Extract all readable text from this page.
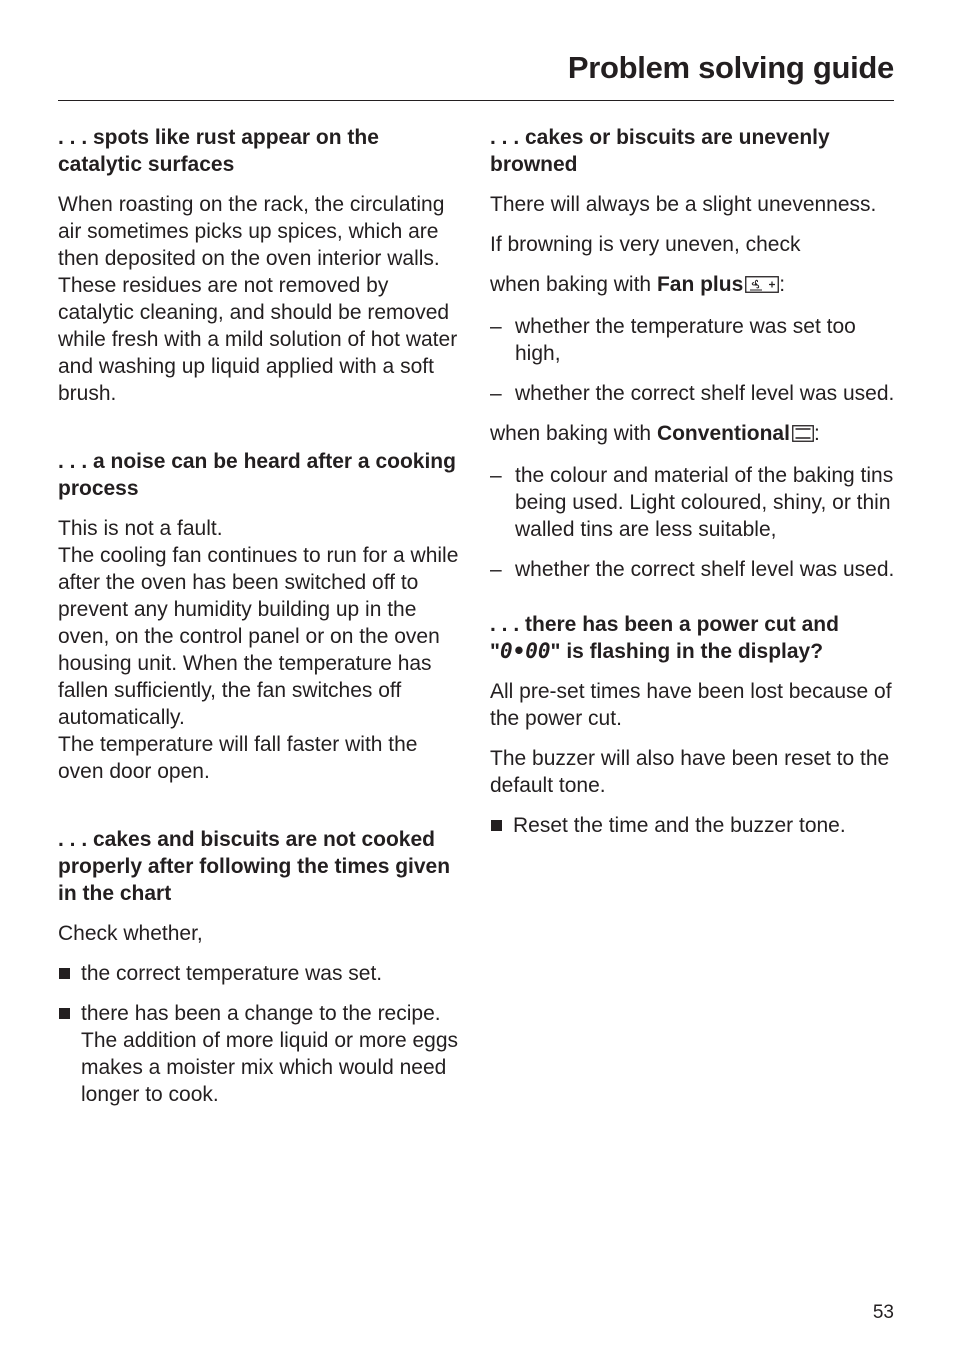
Problem solving guide
. . . spots like rust appear on the catalytic surfaces

When roasting on the rack, the circulating air sometimes picks up spices, which are then deposited on the oven interior walls. These residues are not removed by catalytic cleaning, and should be removed while fresh with a mild solution of hot water and washing up liquid applied with a soft brush.

. . . a noise can be heard after a cooking process

This is not a fault.
The cooling fan continues to run for a while after the oven has been switched off to prevent any humidity building up in the oven, on the control panel or on the oven housing unit. When the temperature has fallen sufficiently, the fan switches off automatically.
The temperature will fall faster with the oven door open.

. . . cakes and biscuits are not cooked properly after following the times given in the chart

Check whether,

the correct temperature was set.
there has been a change to the recipe. The addition of more liquid or more eggs makes a moister mix which would need longer to cook.
. . . cakes or biscuits are unevenly browned

There will always be a slight unevenness.

If browning is very uneven, check

when baking with Fan plus :

– whether the temperature was set too high,
– whether the correct shelf level was used.

when baking with Conventional :

– the colour and material of the baking tins being used. Light coloured, shiny, or thin walled tins are less suitable,
– whether the correct shelf level was used.
. . . there has been a power cut and "0•00" is flashing in the display?

All pre-set times have been lost because of the power cut.

The buzzer will also have been reset to the default tone.

Reset the time and the buzzer tone.
53
